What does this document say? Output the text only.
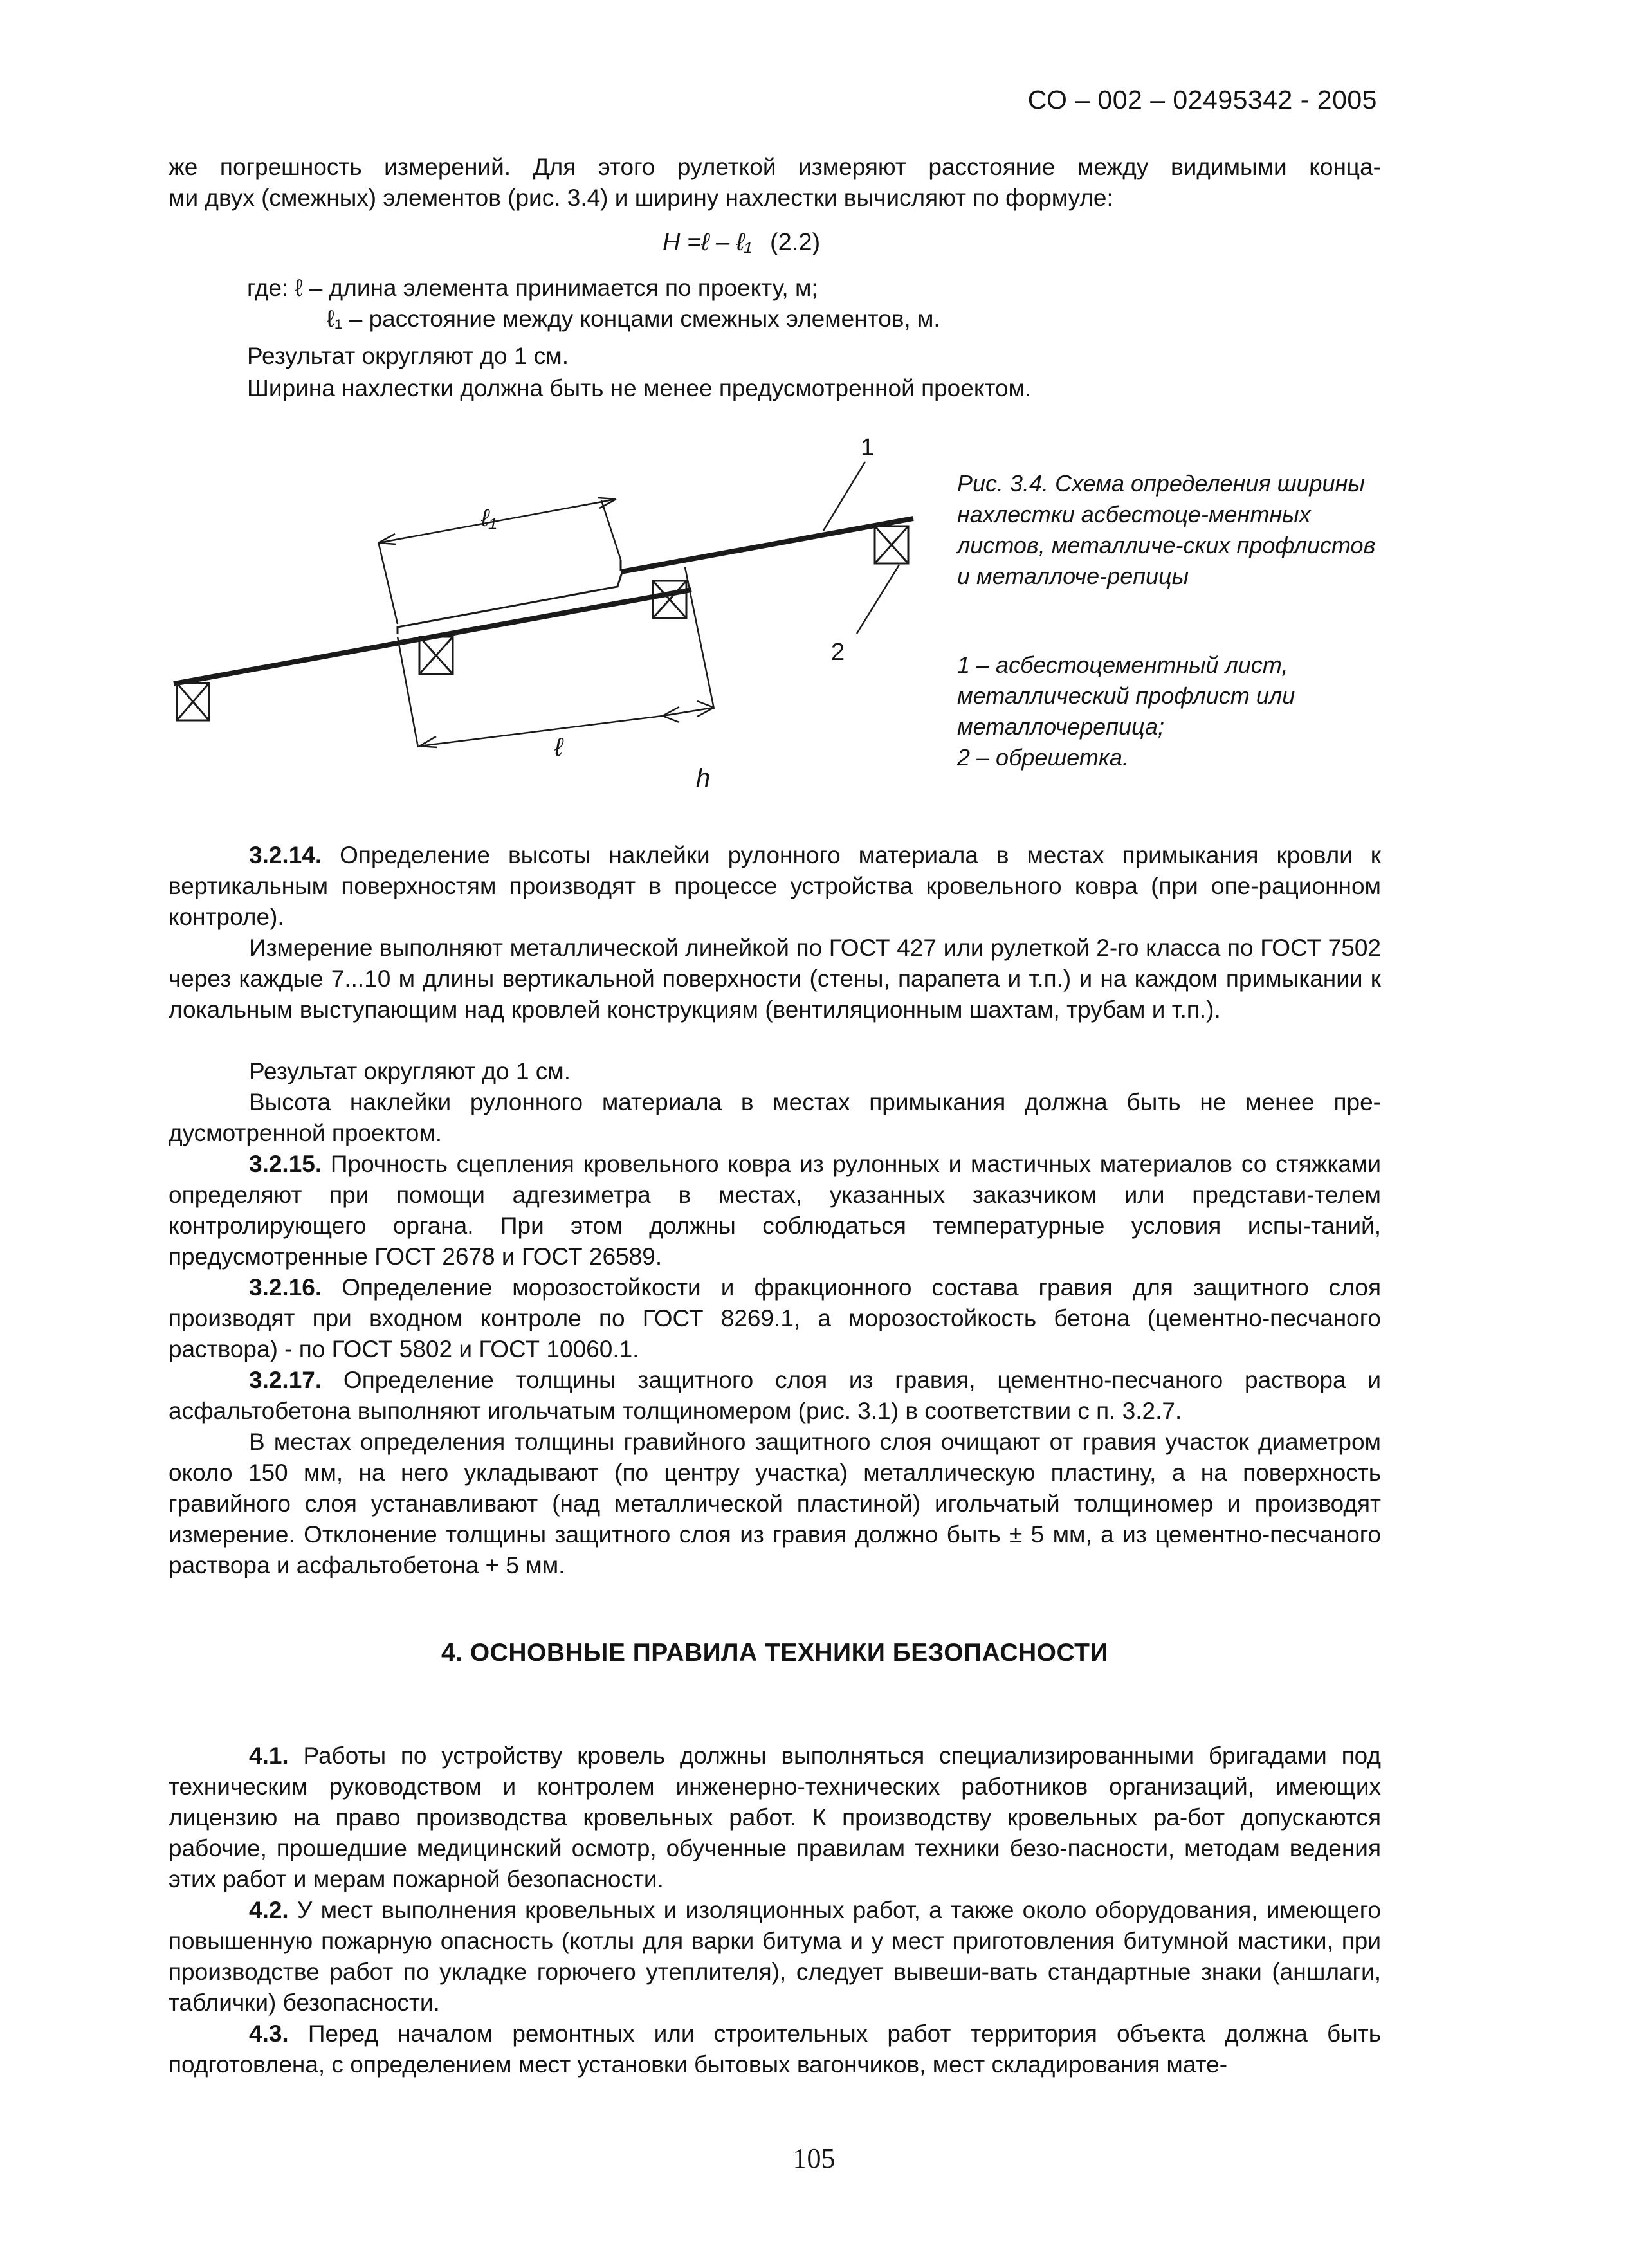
СО – 002 – 02495342 - 2005
же погрешность измерений. Для этого рулеткой измеряют расстояние между видимыми конца-
ми двух (смежных) элементов (рис. 3.4) и ширину нахлестки вычисляют по формуле:
H =ℓ – ℓ₁ (2.2)
где: ℓ – длина элемента принимается по проекту, м;
ℓ₁ – расстояние между концами смежных элементов, м.
Результат округляют до 1 см.
Ширина нахлестки должна быть не менее предусмотренной проектом.
1
2
ℓ₁
ℓ
h
Рис. 3.4. Схема определения ширины нахлестки асбестоце-ментных листов, металличе-ских профлистов и металлоче-репицы
1 – асбестоцементный лист, металлический профлист или металлочерепица;
2 – обрешетка.
3.2.14. Определение высоты наклейки рулонного материала в местах примыкания кровли к вертикальным поверхностям производят в процессе устройства кровельного ковра (при опе-рационном контроле).
Измерение выполняют металлической линейкой по ГОСТ 427 или рулеткой 2-го класса по ГОСТ 7502 через каждые 7...10 м длины вертикальной поверхности (стены, парапета и т.п.) и на каждом примыкании к локальным выступающим над кровлей конструкциям (вентиляционным шахтам, трубам и т.п.).
Результат округляют до 1 см.
Высота наклейки рулонного материала в местах примыкания должна быть не менее пре-дусмотренной проектом.
3.2.15. Прочность сцепления кровельного ковра из рулонных и мастичных материалов со стяжками определяют при помощи адгезиметра в местах, указанных заказчиком или представи-телем контролирующего органа. При этом должны соблюдаться температурные условия испы-таний, предусмотренные ГОСТ 2678 и ГОСТ 26589.
3.2.16. Определение морозостойкости и фракционного состава гравия для защитного слоя производят при входном контроле по ГОСТ 8269.1, а морозостойкость бетона (цементно-песчаного раствора) - по ГОСТ 5802 и ГОСТ 10060.1.
3.2.17. Определение толщины защитного слоя из гравия, цементно-песчаного раствора и асфальтобетона выполняют игольчатым толщиномером (рис. 3.1) в соответствии с п. 3.2.7.
В местах определения толщины гравийного защитного слоя очищают от гравия участок диаметром около 150 мм, на него укладывают (по центру участка) металлическую пластину, а на поверхность гравийного слоя устанавливают (над металлической пластиной) игольчатый толщиномер и производят измерение. Отклонение толщины защитного слоя из гравия должно быть ± 5 мм, а из цементно-песчаного раствора и асфальтобетона + 5 мм.
4. ОСНОВНЫЕ ПРАВИЛА ТЕХНИКИ БЕЗОПАСНОСТИ
4.1. Работы по устройству кровель должны выполняться специализированными бригадами под техническим руководством и контролем инженерно-технических работников организаций, имеющих лицензию на право производства кровельных работ. К производству кровельных ра-бот допускаются рабочие, прошедшие медицинский осмотр, обученные правилам техники безо-пасности, методам ведения этих работ и мерам пожарной безопасности.
4.2. У мест выполнения кровельных и изоляционных работ, а также около оборудования, имеющего повышенную пожарную опасность (котлы для варки битума и у мест приготовления битумной мастики, при производстве работ по укладке горючего утеплителя), следует вывеши-вать стандартные знаки (аншлаги, таблички) безопасности.
4.3. Перед началом ремонтных или строительных работ территория объекта должна быть подготовлена, с определением мест установки бытовых вагончиков, мест складирования мате-
105
